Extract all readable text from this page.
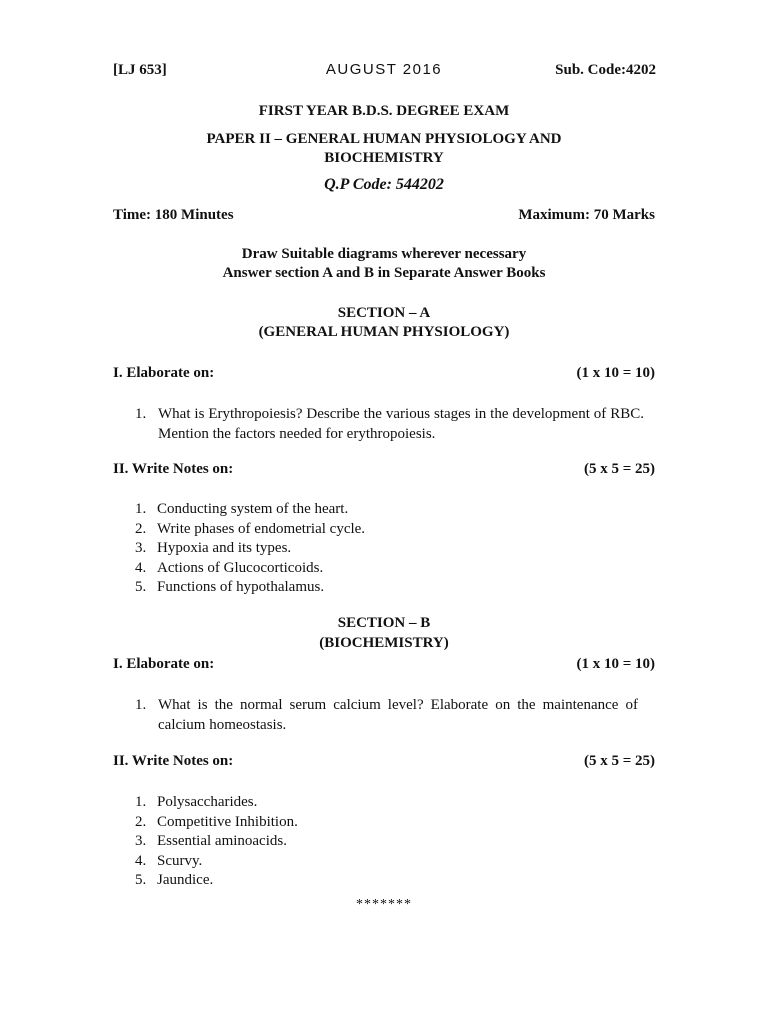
[LJ 653]	AUGUST 2016	Sub. Code:4202
FIRST YEAR B.D.S. DEGREE EXAM
PAPER II – GENERAL HUMAN PHYSIOLOGY AND
BIOCHEMISTRY
Q.P Code: 544202
Time: 180 Minutes	Maximum: 70 Marks
Draw Suitable diagrams wherever necessary
Answer section A and B in Separate Answer Books
SECTION – A
(GENERAL HUMAN PHYSIOLOGY)
I. Elaborate on:	(1 x 10 = 10)
1. What is Erythropoiesis? Describe the various stages in the development of RBC. Mention the factors needed for erythropoiesis.
II. Write Notes on:	(5 x 5 = 25)
1. Conducting system of the heart.
2. Write phases of endometrial cycle.
3. Hypoxia and its types.
4. Actions of Glucocorticoids.
5. Functions of hypothalamus.
SECTION – B
(BIOCHEMISTRY)
I. Elaborate on:	(1 x 10 = 10)
1. What is the normal serum calcium level? Elaborate on the maintenance of calcium homeostasis.
II. Write Notes on:	(5 x 5 = 25)
1. Polysaccharides.
2. Competitive Inhibition.
3. Essential aminoacids.
4. Scurvy.
5. Jaundice.
*******
